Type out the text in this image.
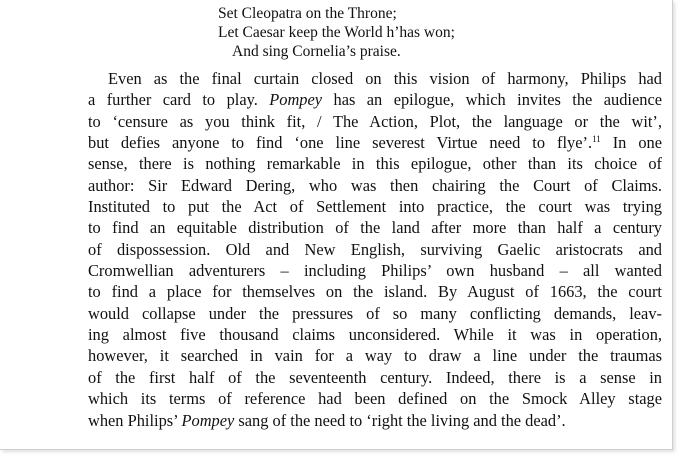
Set Cleopatra on the Throne;
Let Caesar keep the World h’has won;
And sing Cornelia’s praise.
Even as the final curtain closed on this vision of harmony, Philips had
a further card to play. Pompey has an epilogue, which invites the audience
to ‘censure as you think fit, / The Action, Plot, the language or the wit’,
but defies anyone to find ‘one line severest Virtue need to flye’.$^{11}$ In one
sense, there is nothing remarkable in this epilogue, other than its choice of
author: Sir Edward Dering, who was then chairing the Court of Claims.
Instituted to put the Act of Settlement into practice, the court was trying
to find an equitable distribution of the land after more than half a century
of dispossession. Old and New English, surviving Gaelic aristocrats and
Cromwellian adventurers – including Philips’ own husband – all wanted
to find a place for themselves on the island. By August of 1663, the court
would collapse under the pressures of so many conflicting demands, leav-
ing almost five thousand claims unconsidered. While it was in operation,
however, it searched in vain for a way to draw a line under the traumas
of the first half of the seventeenth century. Indeed, there is a sense in
which its terms of reference had been defined on the Smock Alley stage
when Philips’ Pompey sang of the need to ‘right the living and the dead’.
